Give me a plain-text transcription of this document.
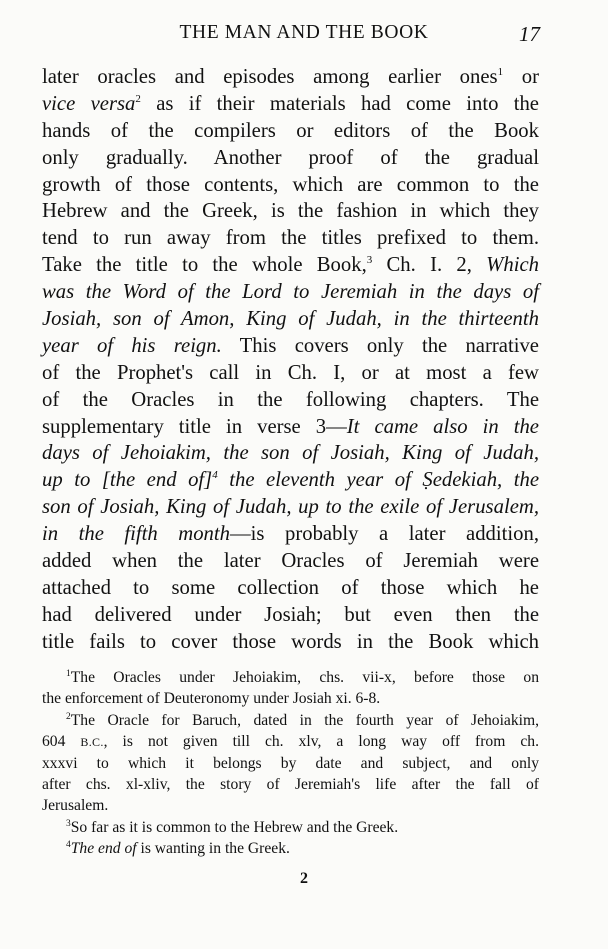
THE MAN AND THE BOOK	17
later oracles and episodes among earlier ones$^1$ or
vice versa$^2$ as if their materials had come into the
hands of the compilers or editors of the Book
only gradually. Another proof of the gradual
growth of those contents, which are common to the
Hebrew and the Greek, is the fashion in which they
tend to run away from the titles prefixed to them.
Take the title to the whole Book,$^3$ Ch. I. 2, Which
was the Word of the Lord to Jeremiah in the days of
Josiah, son of Amon, King of Judah, in the thirteenth
year of his reign. This covers only the narrative
of the Prophet's call in Ch. I, or at most a few
of the Oracles in the following chapters. The
supplementary title in verse 3—It came also in the
days of Jehoiakim, the son of Josiah, King of Judah,
up to [the end of]$^4$ the eleventh year of Ṣedekiah, the
son of Josiah, King of Judah, up to the exile of Jerusalem,
in the fifth month—is probably a later addition,
added when the later Oracles of Jeremiah were
attached to some collection of those which he
had delivered under Josiah; but even then the
title fails to cover those words in the Book which
$^1$The Oracles under Jehoiakim, chs. vii-x, before those on
the enforcement of Deuteronomy under Josiah xi. 6-8.
$^2$The Oracle for Baruch, dated in the fourth year of Jehoiakim,
604 B.C., is not given till ch. xlv, a long way off from ch.
xxxvi to which it belongs by date and subject, and only
after chs. xl-xliv, the story of Jeremiah's life after the fall of
Jerusalem.
$^3$So far as it is common to the Hebrew and the Greek.
$^4$The end of is wanting in the Greek.
2
